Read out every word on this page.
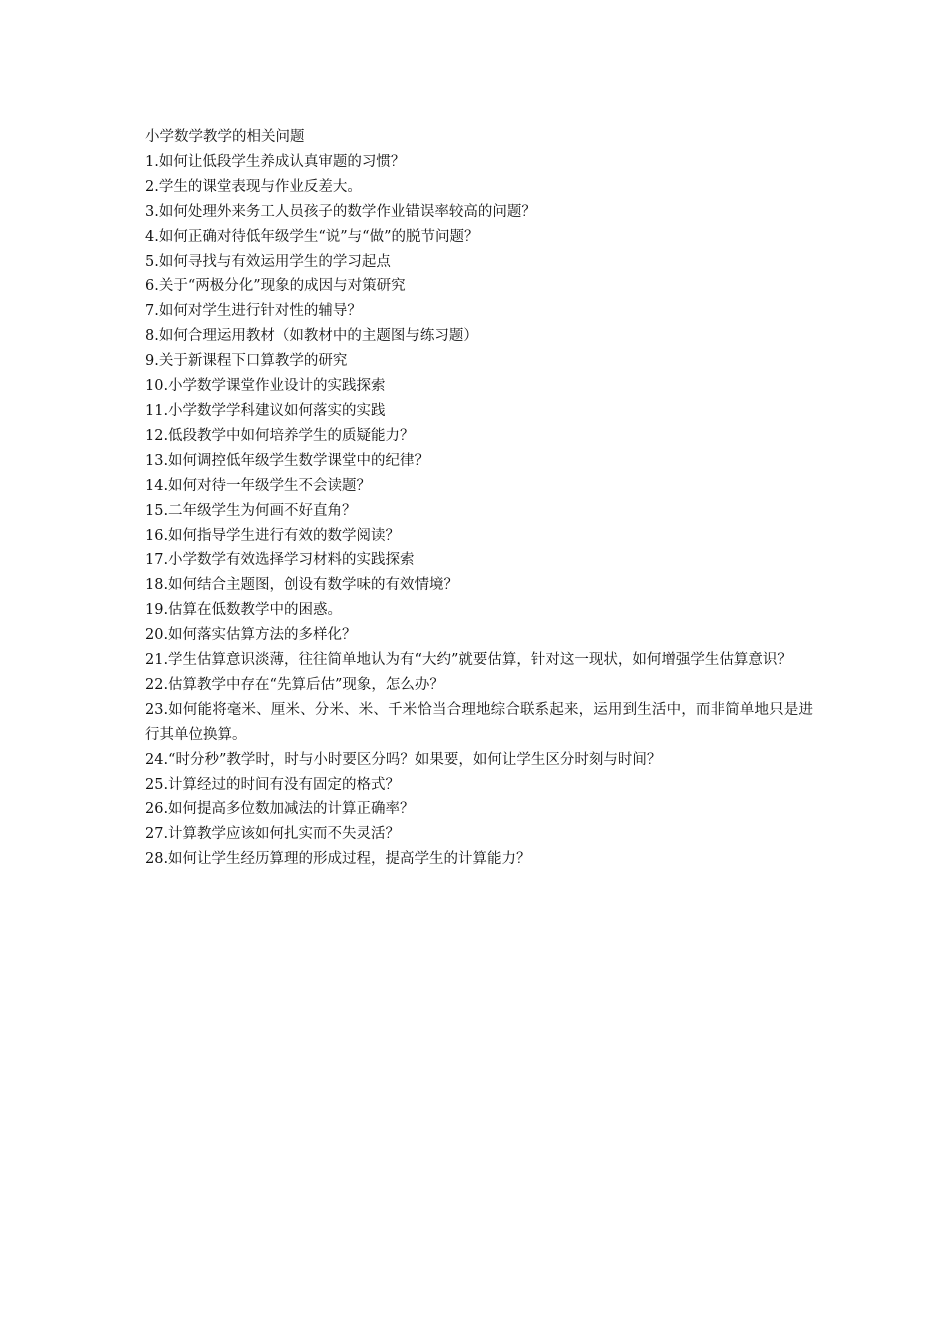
小学数学教学的相关问题
1.如何让低段学生养成认真审题的习惯？
2.学生的课堂表现与作业反差大。
3.如何处理外来务工人员孩子的数学作业错误率较高的问题？
4.如何正确对待低年级学生“说”与“做”的脱节问题？
5.如何寻找与有效运用学生的学习起点
6.关于“两极分化”现象的成因与对策研究
7.如何对学生进行针对性的辅导？
8.如何合理运用教材（如教材中的主题图与练习题）
9.关于新课程下口算教学的研究
10.小学数学课堂作业设计的实践探索
11.小学数学学科建议如何落实的实践
12.低段教学中如何培养学生的质疑能力？
13.如何调控低年级学生数学课堂中的纪律？
14.如何对待一年级学生不会读题？
15.二年级学生为何画不好直角？
16.如何指导学生进行有效的数学阅读？
17.小学数学有效选择学习材料的实践探索
18.如何结合主题图，创设有数学味的有效情境？
19.估算在低数教学中的困惑。
20.如何落实估算方法的多样化？
21.学生估算意识淡薄，往往简单地认为有“大约”就要估算，针对这一现状，如何增强学生估算意识？
22.估算教学中存在“先算后估”现象，怎么办？
23.如何能将毫米、厘米、分米、米、千米恰当合理地综合联系起来，运用到生活中，而非简单地只是进行其单位换算。
24.“时分秒”教学时，时与小时要区分吗？如果要，如何让学生区分时刻与时间？
25.计算经过的时间有没有固定的格式？
26.如何提高多位数加减法的计算正确率？
27.计算教学应该如何扎实而不失灵活？
28.如何让学生经历算理的形成过程，提高学生的计算能力？
